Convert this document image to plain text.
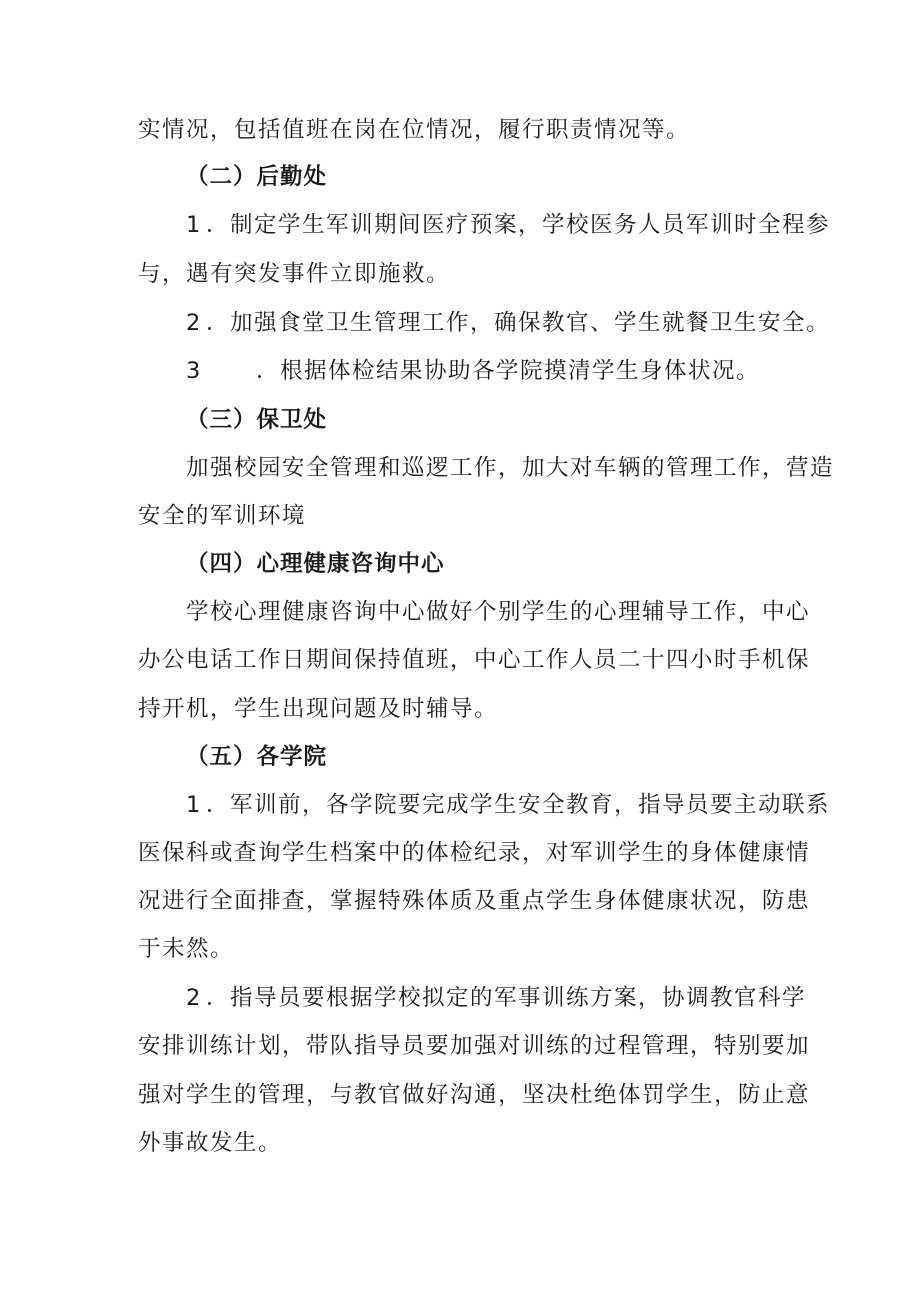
实情况，包括值班在岗在位情况，履行职责情况等。
（二）后勤处
1 ．制定学生军训期间医疗预案，学校医务人员军训时全程参
与，遇有突发事件立即施救。
2 ．加强食堂卫生管理工作，确保教官、学生就餐卫生安全。
3 ．根据体检结果协助各学院摸清学生身体状况。
（三）保卫处
加强校园安全管理和巡逻工作，加大对车辆的管理工作，营造
安全的军训环境
（四）心理健康咨询中心
学校心理健康咨询中心做好个别学生的心理辅导工作，中心
办公电话工作日期间保持值班，中心工作人员二十四小时手机保
持开机，学生出现问题及时辅导。
（五）各学院
1 ．军训前，各学院要完成学生安全教育，指导员要主动联系
医保科或查询学生档案中的体检纪录，对军训学生的身体健康情
况进行全面排查，掌握特殊体质及重点学生身体健康状况，防患
于未然。
2 ．指导员要根据学校拟定的军事训练方案，协调教官科学
安排训练计划，带队指导员要加强对训练的过程管理，特别要加
强对学生的管理，与教官做好沟通，坚决杜绝体罚学生，防止意
外事故发生。
